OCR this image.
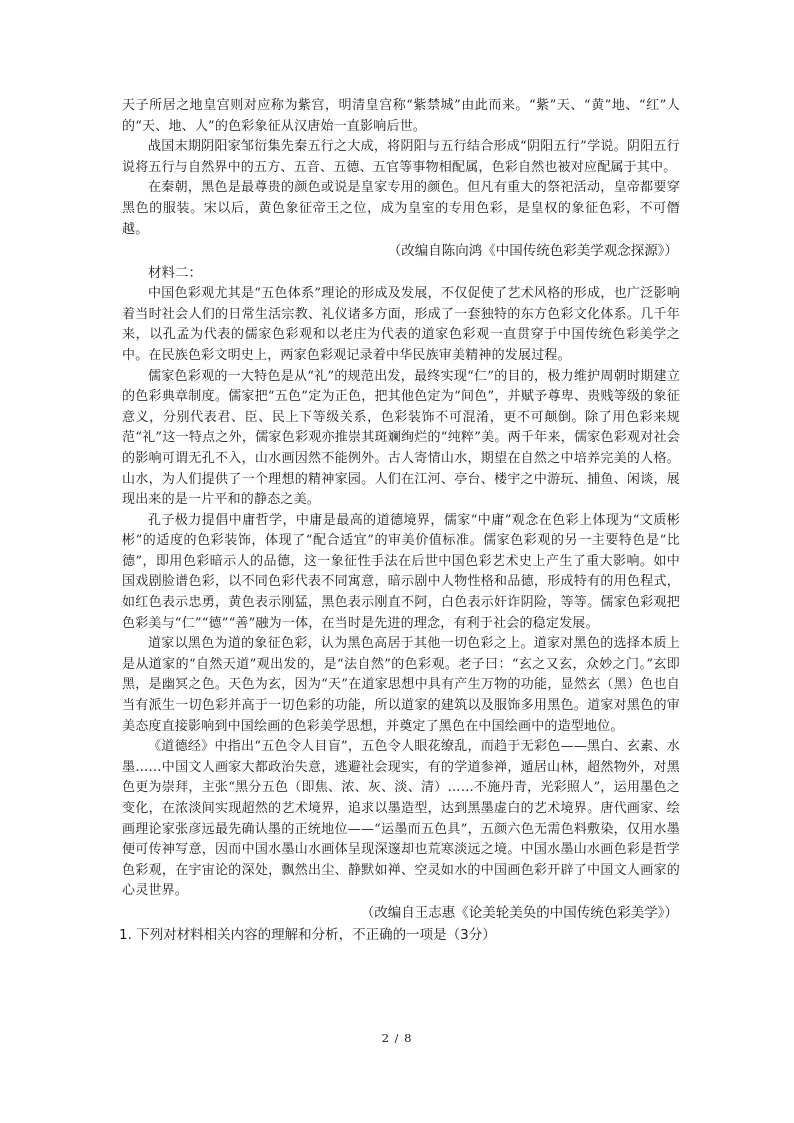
天子所居之地皇宫则对应称为紫宫，明清皇宫称“紫禁城”由此而来。“紫”天、“黄”地、“红”人的“天、地、人”的色彩象征从汉唐始一直影响后世。

战国末期阴阳家邹衍集先秦五行之大成，将阴阳与五行结合形成“阴阳五行”学说。阴阳五行说将五行与自然界中的五方、五音、五德、五官等事物相配属，色彩自然也被对应配属于其中。

在秦朝，黑色是最尊贵的颜色或说是皇家专用的颜色。但凡有重大的祭祀活动，皇帝都要穿黑色的服装。宋以后，黄色象征帝王之位，成为皇室的专用色彩，是皇权的象征色彩，不可僭越。

（改编自陈向鸿《中国传统色彩美学观念探源》）

材料二：

中国色彩观尤其是“五色体系”理论的形成及发展，不仅促使了艺术风格的形成，也广泛影响着当时社会人们的日常生活宗教、礼仪诸多方面，形成了一套独特的东方色彩文化体系。几千年来，以孔孟为代表的儒家色彩观和以老庄为代表的道家色彩观一直贯穿于中国传统色彩美学之中。在民族色彩文明史上，两家色彩观记录着中华民族审美精神的发展过程。

儒家色彩观的一大特色是从“礼”的规范出发，最终实现“仁”的目的，极力维护周朝时期建立的色彩典章制度。儒家把“五色”定为正色，把其他色定为“间色”，并赋予尊卑、贵贱等级的象征意义，分别代表君、臣、民上下等级关系，色彩装饰不可混淆，更不可颠倒。除了用色彩来规范“礼”这一特点之外，儒家色彩观亦推崇其斑斓绚烂的“纯粹”美。两千年来，儒家色彩观对社会的影响可谓无孔不入，山水画因然不能例外。古人寄情山水，期望在自然之中培养完美的人格。山水，为人们提供了一个理想的精神家园。人们在江河、亭台、楼宇之中游玩、捕鱼、闲谈，展现出来的是一片平和的静态之美。

孔子极力提倡中庸哲学，中庸是最高的道德境界，儒家“中庸”观念在色彩上体现为“文质彬彬”的适度的色彩装饰，体现了“配合适宜”的审美价值标准。儒家色彩观的另一主要特色是“比德”，即用色彩暗示人的品德，这一象征性手法在后世中国色彩艺术史上产生了重大影响。如中国戏剧脸谱色彩，以不同色彩代表不同寓意，暗示剧中人物性格和品德，形成特有的用色程式，如红色表示忠勇，黄色表示刚猛，黑色表示刚直不阿，白色表示奸诈阴险，等等。儒家色彩观把色彩美与“仁”“德”“善”融为一体，在当时是先进的理念，有利于社会的稳定发展。

道家以黑色为道的象征色彩，认为黑色高居于其他一切色彩之上。道家对黑色的选择本质上是从道家的“自然天道”观出发的，是“法自然”的色彩观。老子曰：“玄之又玄，众妙之门。”玄即黑，是幽冥之色。天色为玄，因为“天”在道家思想中具有产生万物的功能，显然玄（黑）色也自当有派生一切色彩并高于一切色彩的功能，所以道家的建筑以及服饰多用黑色。道家对黑色的审美态度直接影响到中国绘画的色彩美学思想，并奠定了黑色在中国绘画中的造型地位。

《道德经》中指出“五色令人目盲”，五色令人眼花缭乱，而趋于无彩色——黑白、玄素、水墨……中国文人画家大都政治失意，逃避社会现实，有的学道参禅，遁居山林，超然物外，对黑色更为崇拜，主张“黑分五色（即焦、浓、灰、淡、清）……不施丹青，光彩照人”，运用墨色之变化，在浓淡间实现超然的艺术境界，追求以墨造型，达到黑墨虚白的艺术境界。唐代画家、绘画理论家张彦远最先确认墨的正统地位——“运墨而五色具”，五颜六色无需色料敷染，仅用水墨便可传神写意，因而中国水墨山水画体呈现深邃却也荒寒淡远之境。中国水墨山水画色彩是哲学色彩观，在宇宙论的深处，飘然出尘、静默如禅、空灵如水的中国画色彩开辟了中国文人画家的心灵世界。

（改编自王志惠《论美轮美奂的中国传统色彩美学》）

1. 下列对材料相关内容的理解和分析，不正确的一项是（3分）

2 / 8
